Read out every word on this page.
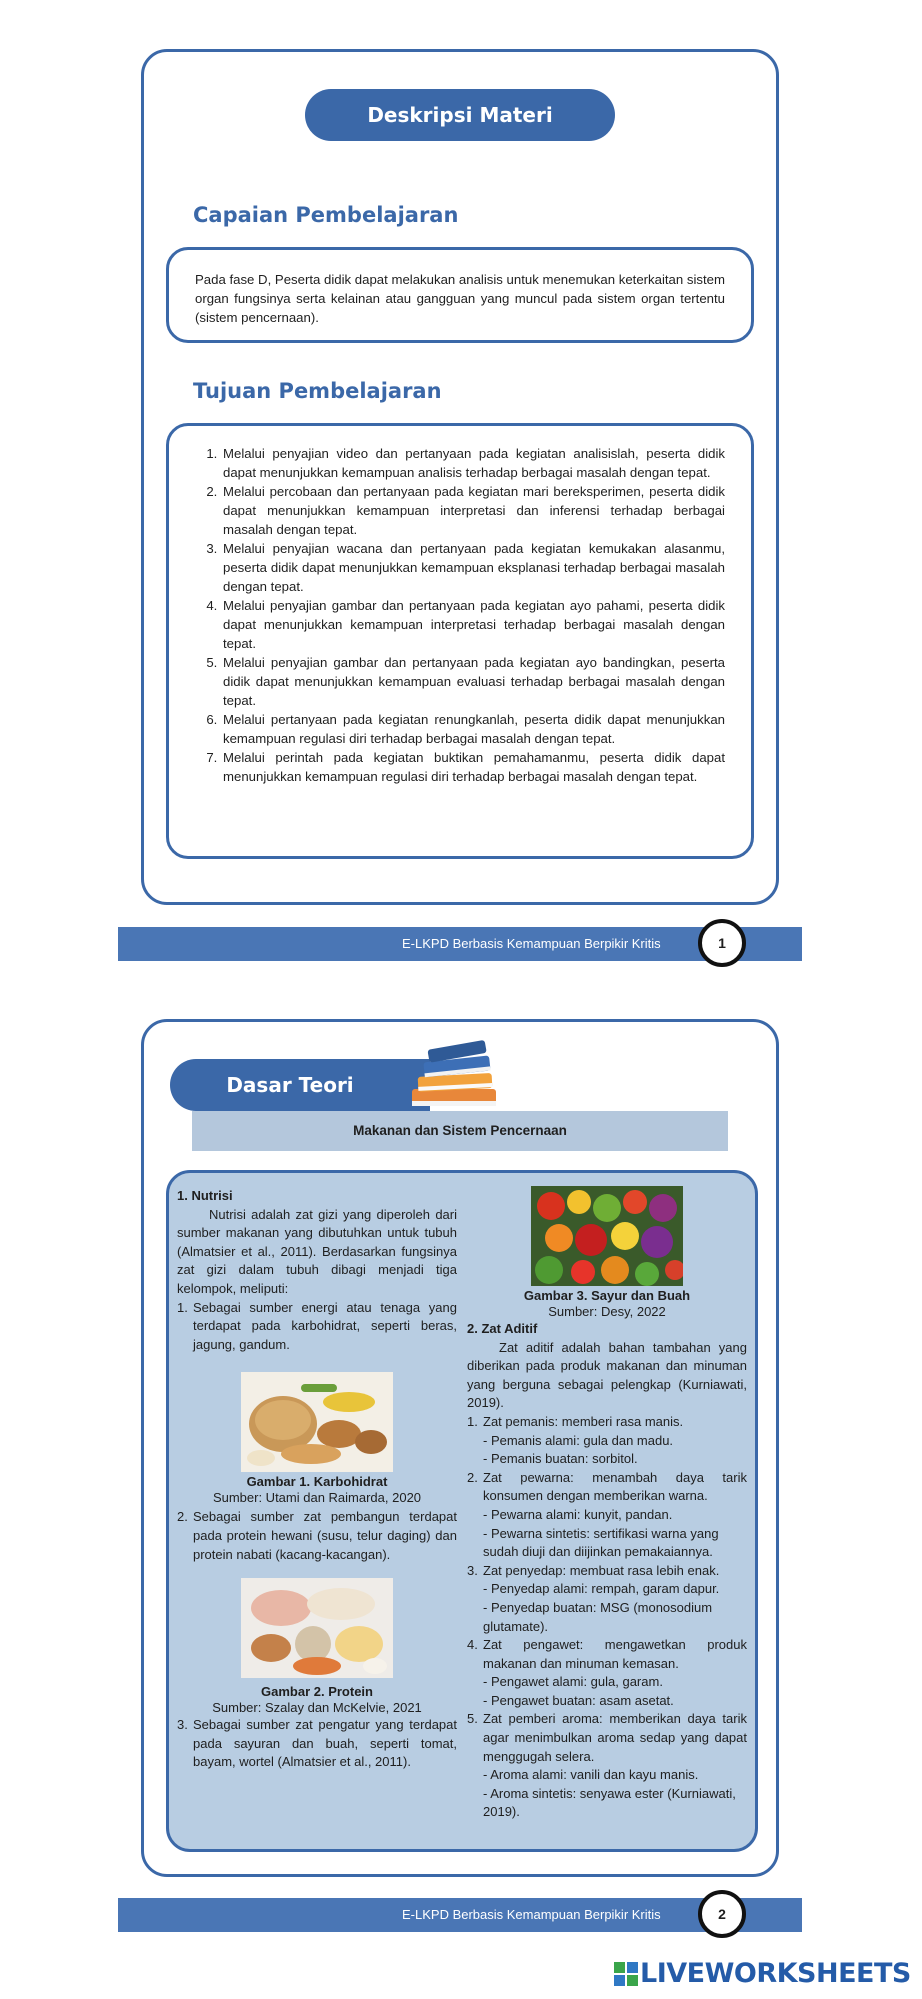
Deskripsi Materi
Capaian Pembelajaran

Pada fase D, Peserta didik dapat melakukan analisis untuk menemukan keterkaitan sistem organ fungsinya serta kelainan atau gangguan yang muncul pada sistem organ tertentu (sistem pencernaan).

Tujuan Pembelajaran
1. Melalui penyajian video dan pertanyaan pada kegiatan analisislah, peserta didik dapat menunjukkan kemampuan analisis terhadap berbagai masalah dengan tepat.
2. Melalui percobaan dan pertanyaan pada kegiatan mari bereksperimen, peserta didik dapat menunjukkan kemampuan interpretasi dan inferensi terhadap berbagai masalah dengan tepat.
3. Melalui penyajian wacana dan pertanyaan pada kegiatan kemukakan alasanmu, peserta didik dapat menunjukkan kemampuan eksplanasi terhadap berbagai masalah dengan tepat.
4. Melalui penyajian gambar dan pertanyaan pada kegiatan ayo pahami, peserta didik dapat menunjukkan kemampuan interpretasi terhadap berbagai masalah dengan tepat.
5. Melalui penyajian gambar dan pertanyaan pada kegiatan ayo bandingkan, peserta didik dapat menunjukkan kemampuan evaluasi terhadap berbagai masalah dengan tepat.
6. Melalui pertanyaan pada kegiatan renungkanlah, peserta didik dapat menunjukkan kemampuan regulasi diri terhadap berbagai masalah dengan tepat.
7. Melalui perintah pada kegiatan buktikan pemahamanmu, peserta didik dapat menunjukkan kemampuan regulasi diri terhadap berbagai masalah dengan tepat.
E-LKPD Berbasis Kemampuan Berpikir Kritis	1
Dasar Teori
Makanan dan Sistem Pencernaan
1. Nutrisi

Nutrisi adalah zat gizi yang diperoleh dari sumber makanan yang dibutuhkan untuk tubuh (Almatsier et al., 2011). Berdasarkan fungsinya zat gizi dalam tubuh dibagi menjadi tiga kelompok, meliputi:

1. Sebagai sumber energi atau tenaga yang terdapat pada karbohidrat, seperti beras, jagung, gandum.
Gambar 1. Karbohidrat
Sumber: Utami dan Raimarda, 2020
2. Sebagai sumber zat pembangun terdapat pada protein hewani (susu, telur daging) dan protein nabati (kacang-kacangan).
Gambar 2. Protein
Sumber: Szalay dan McKelvie, 2021
3. Sebagai sumber zat pengatur yang terdapat pada sayuran dan buah, seperti tomat, bayam, wortel (Almatsier et al., 2011).
Gambar 3. Sayur dan Buah
Sumber: Desy, 2022
2. Zat Aditif

Zat aditif adalah bahan tambahan yang diberikan pada produk makanan dan minuman yang berguna sebagai pelengkap (Kurniawati, 2019).

1. Zat pemanis: memberi rasa manis.
- Pemanis alami: gula dan madu.
- Pemanis buatan: sorbitol.
2. Zat pewarna: menambah daya tarik konsumen dengan memberikan warna.
- Pewarna alami: kunyit, pandan.
- Pewarna sintetis: sertifikasi warna yang sudah diuji dan diijinkan pemakaiannya.
3. Zat penyedap: membuat rasa lebih enak.
- Penyedap alami: rempah, garam dapur.
- Penyedap buatan: MSG (monosodium glutamate).
4. Zat pengawet: mengawetkan produk makanan dan minuman kemasan.
- Pengawet alami: gula, garam.
- Pengawet buatan: asam asetat.
5. Zat pemberi aroma: memberikan daya tarik agar menimbulkan aroma sedap yang dapat menggugah selera.
- Aroma alami: vanili dan kayu manis.
- Aroma sintetis: senyawa ester (Kurniawati, 2019).
E-LKPD Berbasis Kemampuan Berpikir Kritis	2
LIVEWORKSHEETS
